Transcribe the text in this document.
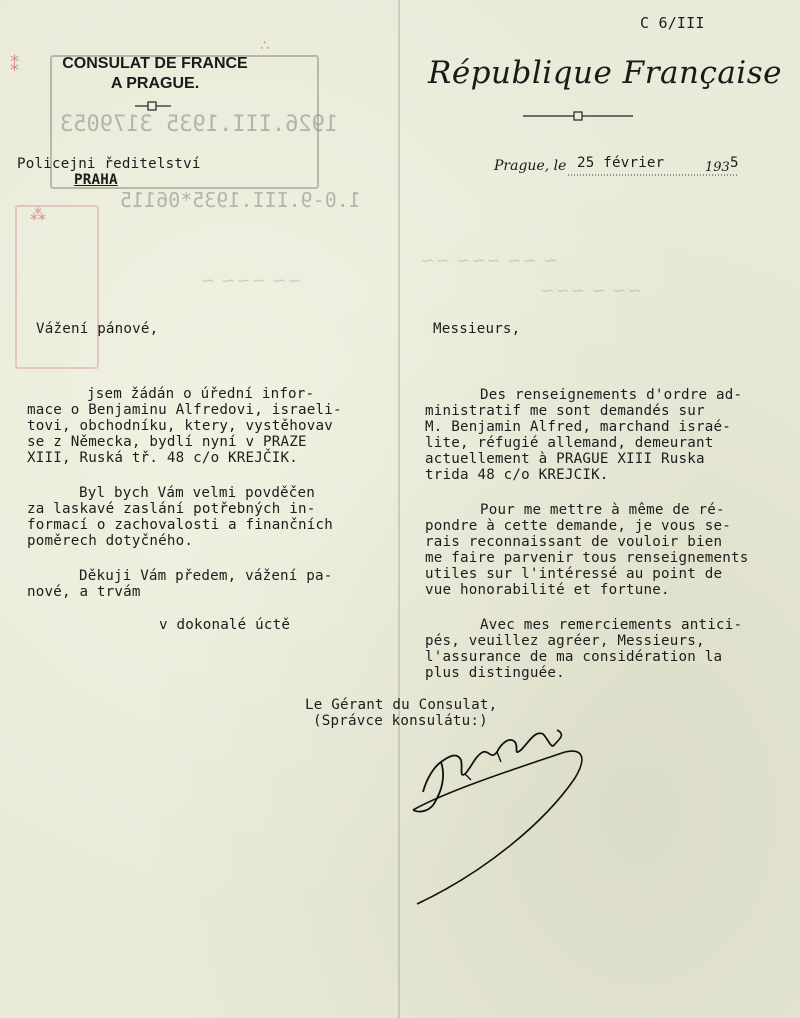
1926.III.1935 3179053
1.0-9.III.1935*06115
⁑
∴
⁂
~ ~~ ~~~ ~~
~~ ~ ~~~
~~ ~~~ ~
C 6/III
CONSULAT DE FRANCE
A PRAGUE.	République Française
Policejni ředitelství
PRAHA
Prague, le 25 février	193 5
Vážení pánové,
jsem žádán o úřední infor-
mace o Benjaminu Alfredovi, israeli-
tovi, obchodníku, ktery, vystěhovav
se z Německa, bydlí nyní v PRAZE
XIII, Ruská tř. 48 c/o KREJČIK.
Byl bych Vám velmi povděčen
za laskavé zaslání potřebných in-
formací o zachovalosti a finančních
poměrech dotyčného.
Děkuji Vám předem, vážení pa-
nové, a trvám
v dokonalé úctě
Messieurs,
Des renseignements d'ordre ad-
ministratif me sont demandés sur
M. Benjamin Alfred, marchand israé-
lite, réfugié allemand, demeurant
actuellement à PRAGUE XIII Ruska
trida 48 c/o KREJCIK.
Pour me mettre à même de ré-
pondre à cette demande, je vous se-
rais reconnaissant de vouloir bien
me faire parvenir tous renseignements
utiles sur l'intéressé au point de
vue honorabilité et fortune.
Avec mes remerciements antici-
pés, veuillez agréer, Messieurs,
l'assurance de ma considération la
plus distinguée.
Le Gérant du Consulat,
(Správce konsulátu:)
